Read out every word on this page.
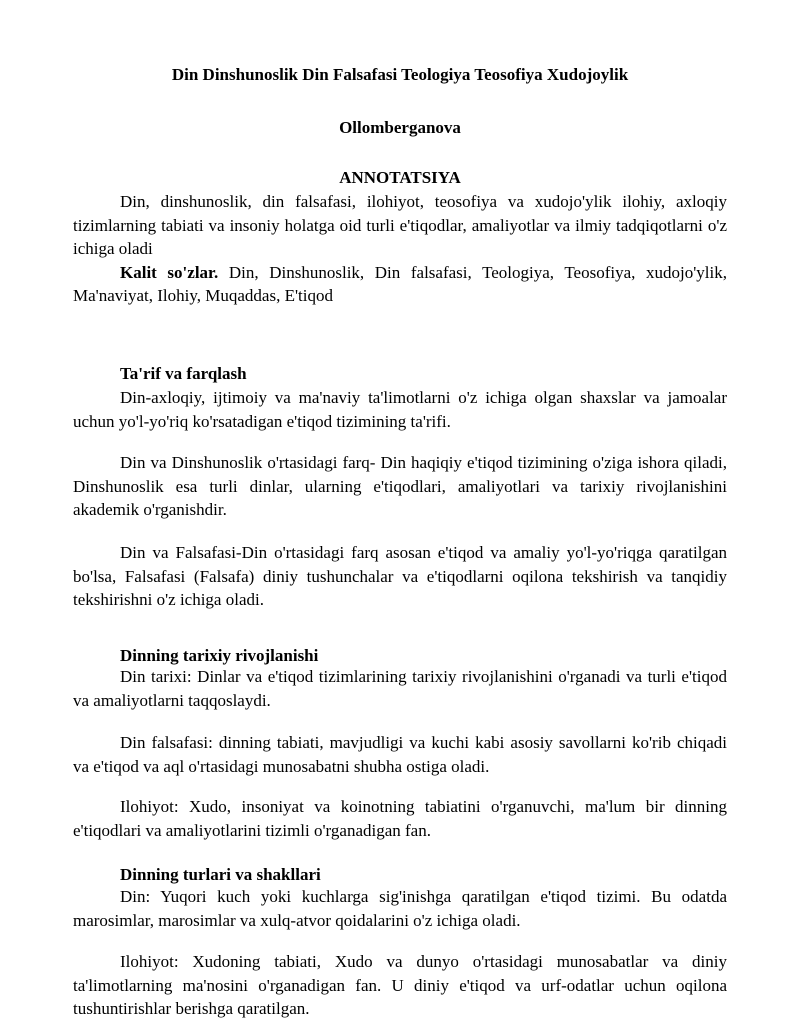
Din Dinshunoslik Din Falsafasi Teologiya Teosofiya Xudojoylik
Ollomberganova
ANNOTATSIYA

Din, dinshunoslik, din falsafasi, ilohiyot, teosofiya va xudojo'ylik ilohiy, axloqiy tizimlarning tabiati va insoniy holatga oid turli e'tiqodlar, amaliyotlar va ilmiy tadqiqotlarni o'z ichiga oladi

Kalit so'zlar. Din, Dinshunoslik, Din falsafasi, Teologiya, Teosofiya, xudojo'ylik, Ma'naviyat, Ilohiy, Muqaddas, E'tiqod

Ta'rif va farqlash

Din-axloqiy, ijtimoiy va ma'naviy ta'limotlarni o'z ichiga olgan shaxslar va jamoalar uchun yo'l-yo'riq ko'rsatadigan e'tiqod tizimining ta'rifi.

Din va Dinshunoslik o'rtasidagi farq- Din haqiqiy e'tiqod tizimining o'ziga ishora qiladi, Dinshunoslik esa turli dinlar, ularning e'tiqodlari, amaliyotlari va tarixiy rivojlanishini akademik o'rganishdir.

Din va Falsafasi-Din o'rtasidagi farq asosan e'tiqod va amaliy yo'l-yo'riqga qaratilgan bo'lsa, Falsafasi (Falsafa) diniy tushunchalar va e'tiqodlarni oqilona tekshirish va tanqidiy tekshirishni o'z ichiga oladi.

Dinning tarixiy rivojlanishi

Din tarixi: Dinlar va e'tiqod tizimlarining tarixiy rivojlanishini o'rganadi va turli e'tiqod va amaliyotlarni taqqoslaydi.

Din falsafasi: dinning tabiati, mavjudligi va kuchi kabi asosiy savollarni ko'rib chiqadi va e'tiqod va aql o'rtasidagi munosabatni shubha ostiga oladi.

Ilohiyot: Xudo, insoniyat va koinotning tabiatini o'rganuvchi, ma'lum bir dinning e'tiqodlari va amaliyotlarini tizimli o'rganadigan fan.

Dinning turlari va shakllari

Din: Yuqori kuch yoki kuchlarga sig'inishga qaratilgan e'tiqod tizimi. Bu odatda marosimlar, marosimlar va xulq-atvor qoidalarini o'z ichiga oladi.

Ilohiyot: Xudoning tabiati, Xudo va dunyo o'rtasidagi munosabatlar va diniy ta'limotlarning ma'nosini o'rganadigan fan. U diniy e'tiqod va urf-odatlar uchun oqilona tushuntirishlar berishga qaratilgan.
